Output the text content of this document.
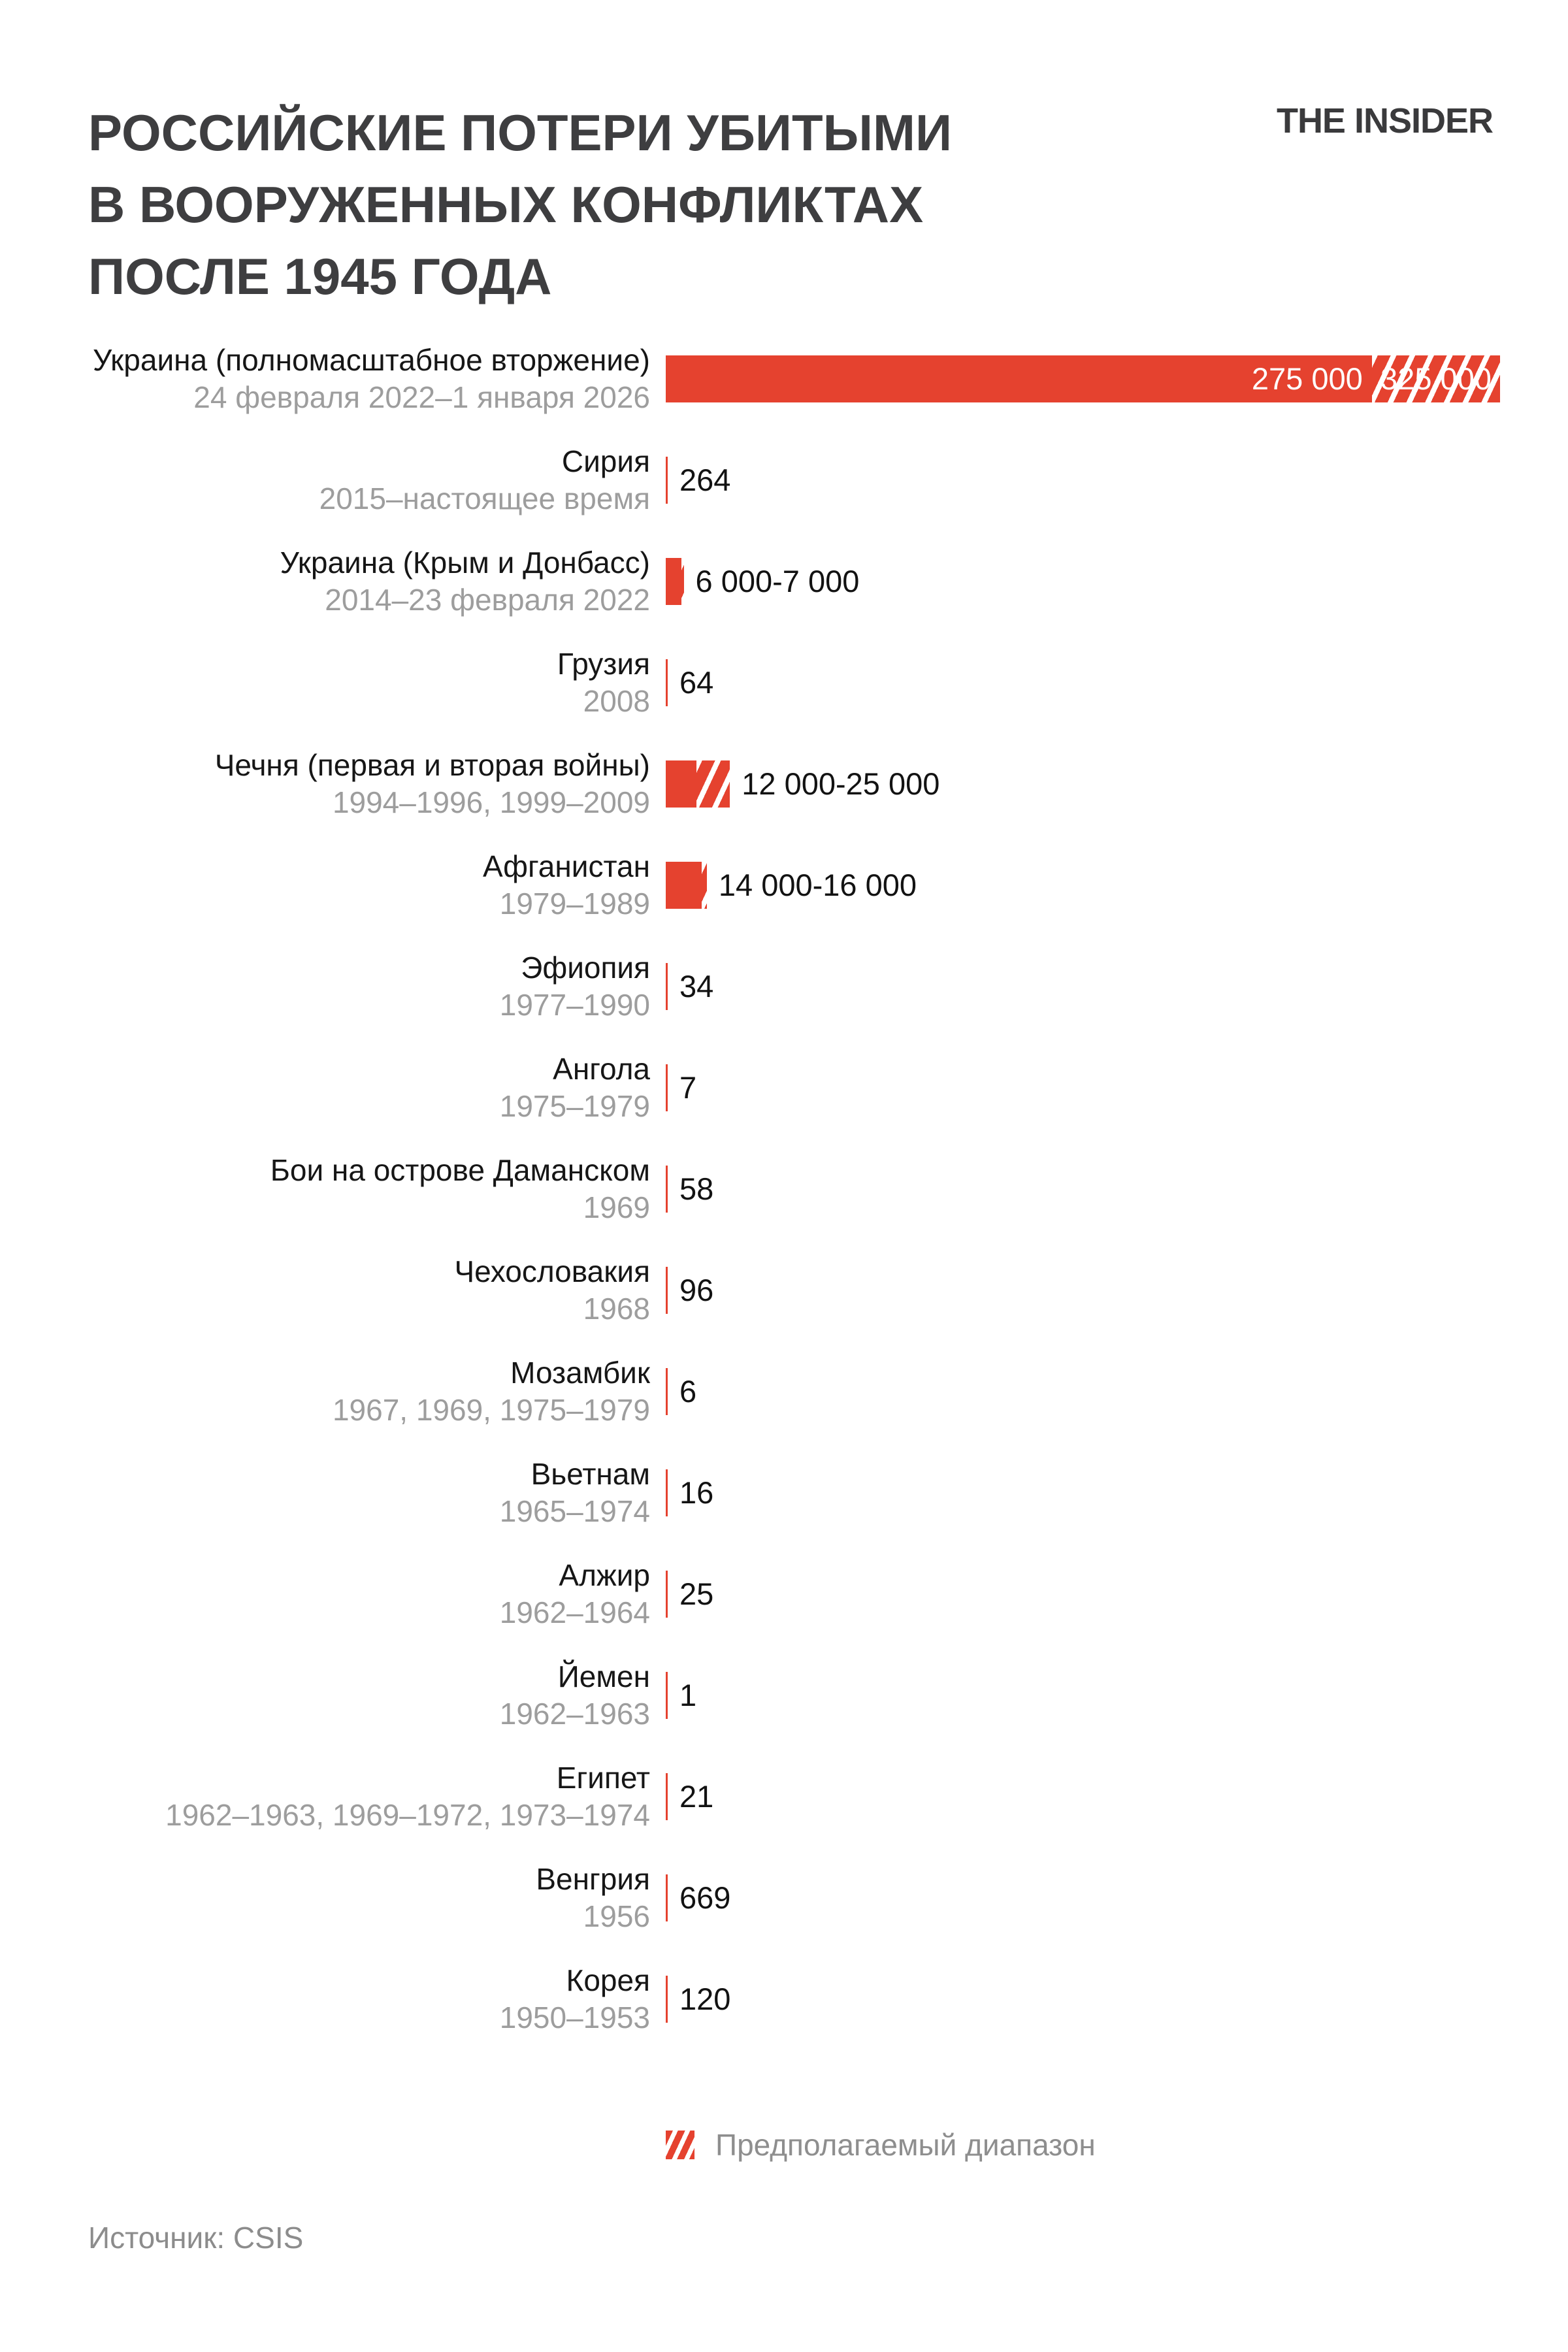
РОССИЙСКИЕ ПОТЕРИ УБИТЫМИ
В ВООРУЖЕННЫХ КОНФЛИКТАХ
ПОСЛЕ 1945 ГОДА
THE INSIDER
Украина (полномасштабное вторжение)
24 февраля 2022–1 января 2026
275 000 325 000
Сирия
2015–настоящее время
264
Украина (Крым и Донбасс)
2014–23 февраля 2022
6 000-7 000
Грузия
2008
64
Чечня (первая и вторая войны)
1994–1996, 1999–2009
12 000-25 000
Афганистан
1979–1989
14 000-16 000
Эфиопия
1977–1990
34
Ангола
1975–1979
7
Бои на острове Даманском
1969
58
Чехословакия
1968
96
Мозамбик
1967, 1969, 1975–1979
6
Вьетнам
1965–1974
16
Алжир
1962–1964
25
Йемен
1962–1963
1
Египет
1962–1963, 1969–1972, 1973–1974
21
Венгрия
1956
669
Корея
1950–1953
120
Предполагаемый диапазон
Источник: CSIS
